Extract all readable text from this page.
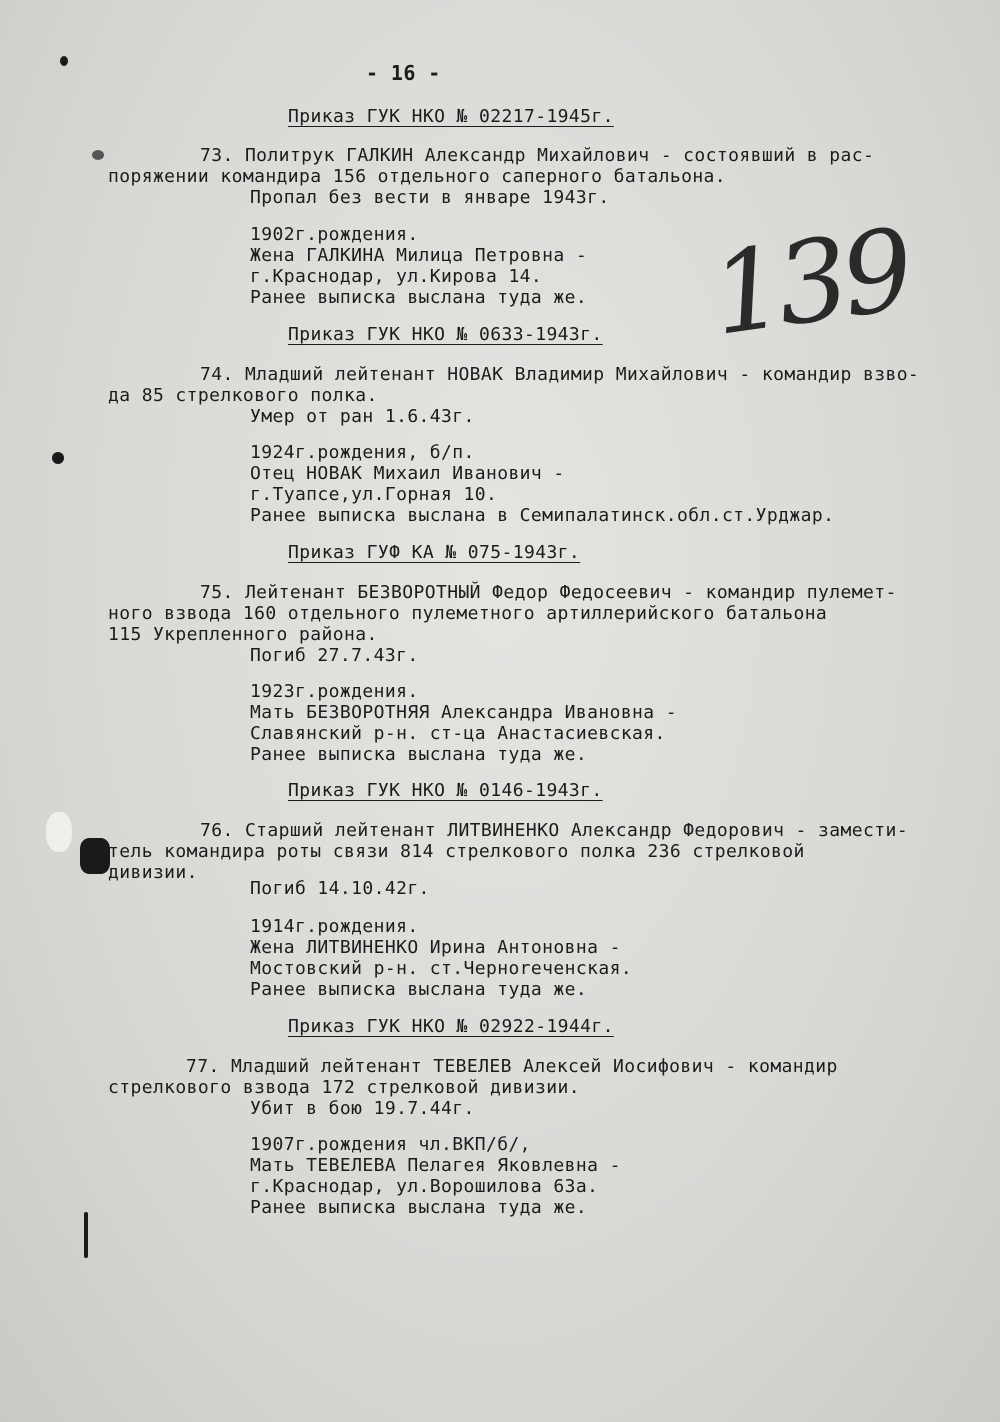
- 16 -
139
Приказ ГУК НКО № 02217-1945г.
73. Политрук ГАЛКИН Александр Михайлович - состоявший в рас-
поряжении командира 156 отдельного саперного батальона.
Пропал без вести в январе 1943г.
1902г.рождения.
Жена ГАЛКИНА Милица Петровна -
г.Краснодар, ул.Кирова 14.
Ранее выписка выслана туда же.
Приказ ГУК НКО № 0633-1943г.
74. Младший лейтенант НОВАК Владимир Михайлович - командир взво-
да 85 стрелкового полка.
Умер от ран 1.6.43г.
1924г.рождения, б/п.
Отец НОВАК Михаил Иванович -
г.Туапсе,ул.Горная 10.
Ранее выписка выслана в Семипалатинск.обл.ст.Урджар.
Приказ ГУФ КА № 075-1943г.
75. Лейтенант БЕЗВОРОТНЫЙ Федор Федосеевич - командир пулемет-
ного взвода 160 отдельного пулеметного артиллерийского батальона
115 Укрепленного района.
Погиб 27.7.43г.
1923г.рождения.
Мать БЕЗВОРОТНЯЯ Александра Ивановна -
Славянский р-н. ст-ца Анастасиевская.
Ранее выписка выслана туда же.
Приказ ГУК НКО № 0146-1943г.
76. Старший лейтенант ЛИТВИНЕНКО Александр Федорович - замести-
тель командира роты связи 814 стрелкового полка 236 стрелковой
дивизии.
Погиб 14.10.42г.
1914г.рождения.
Жена ЛИТВИНЕНКО Ирина Антоновна -
Мостовский р-н. ст.Черноreченская.
Ранее выписка выслана туда же.
Приказ ГУК НКО № 02922-1944г.
77. Младший лейтенант ТЕВЕЛЕВ Алексей Иосифович - командир
стрелкового взвода 172 стрелковой дивизии.
Убит в бою 19.7.44г.
1907г.рождения чл.ВКП/б/,
Мать ТЕВЕЛЕВА Пелагея Яковлевна -
г.Краснодар, ул.Ворошилова 63а.
Ранее выписка выслана туда же.
